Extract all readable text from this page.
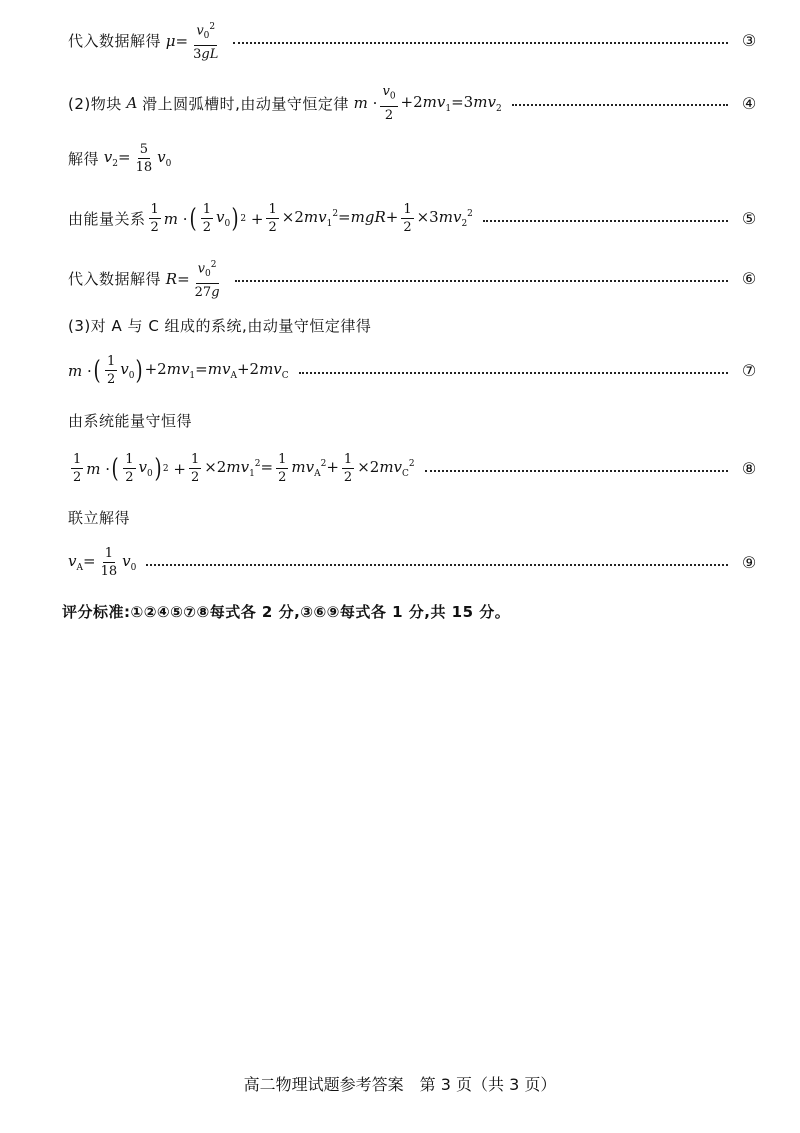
代入数据解得 $\mu= \frac{v_0^2}{3gL}$	③
(2)物块 A 滑上圆弧槽时,由动量守恒定律 $m \cdot \frac{v_0}{2} +2mv_1=3mv_2$	④
解得 $v_2= \frac{5}{18} v_0$
由能量关系 $\frac{1}{2}$ m · ( $\frac{1}{2} v_0$ ) $2 + \frac{1}{2} \times 2mv_1^2=mgR+ \frac{1}{2} \times 3mv_2^2$	⑤
代入数据解得 $R= \frac{v_0^2}{27g}$	⑥
(3)对 A 与 C 组成的系统,由动量守恒定律得
m · ( $\frac{1}{2} v_0$ ) $+2mv_1=mv_A+2mv_C$	⑦
由系统能量守恒得
$\frac{1}{2}$ m · ( $\frac{1}{2} v_0$ ) $2 + \frac{1}{2} \times 2mv_1^2= \frac{1}{2} mv_A^2+ \frac{1}{2} \times 2mv_C^2$	⑧
联立解得
$v_A= \frac{1}{18} v_0$	⑨
评分标准:①②④⑤⑦⑧每式各 2 分,③⑥⑨每式各 1 分,共 15 分。
高二物理试题参考答案　第 3 页（共 3 页）
